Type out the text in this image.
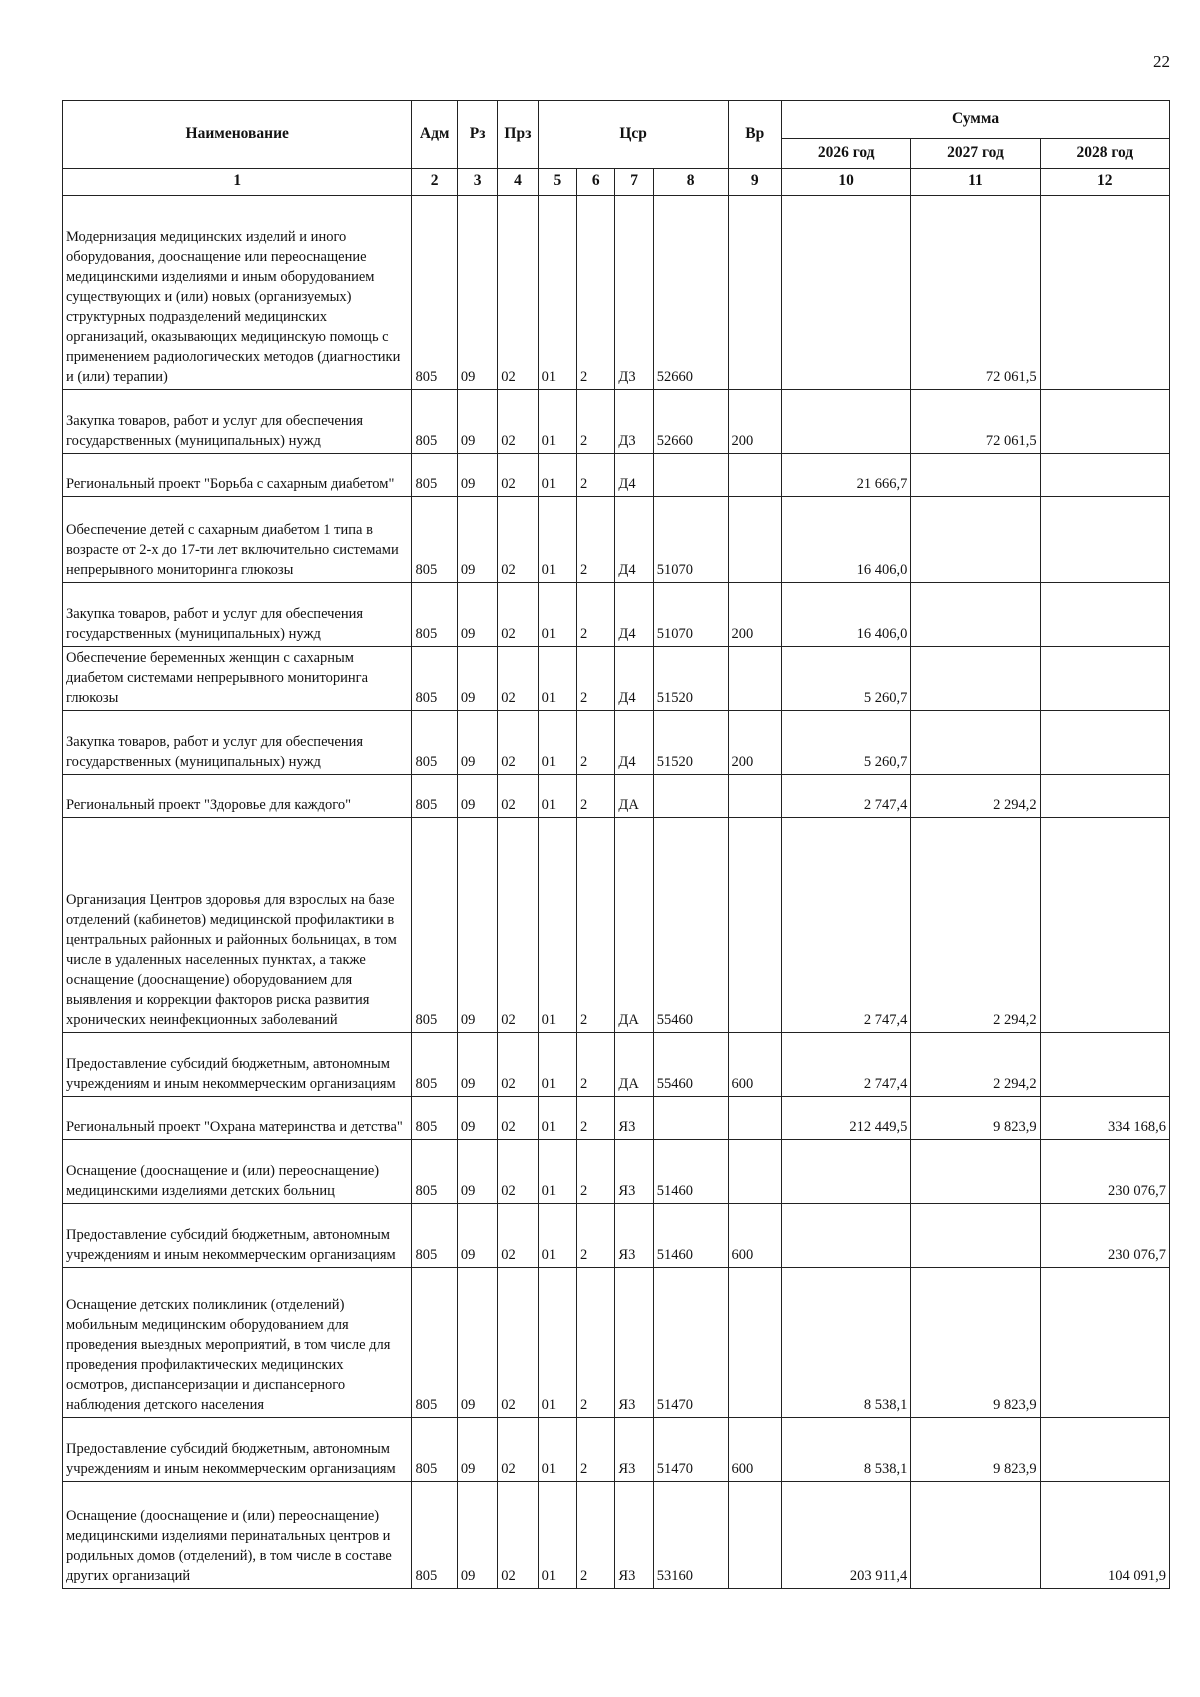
22
Наименование	Адм	Рз	Прз	Цср				Вр	Сумма		
									2026 год	2027 год	2028 год
1	2	3	4	5	6	7	8	9	10	11	12
Модернизация медицинских изделий и иного оборудования, дооснащение или переоснащение медицинскими изделиями и иным оборудованием существующих и (или) новых (организуемых) структурных подразделений медицинских организаций, оказывающих медицинскую помощь с применением радиологических методов (диагностики и (или) терапии)	805	09	02	01	2	Д3	52660			72 061,5	
Закупка товаров, работ и услуг для обеспечения государственных (муниципальных) нужд	805	09	02	01	2	Д3	52660	200		72 061,5	
Региональный проект "Борьба с сахарным диабетом"	805	09	02	01	2	Д4			21 666,7		
Обеспечение детей с сахарным диабетом 1 типа в возрасте от 2-х до 17-ти лет включительно системами непрерывного мониторинга глюкозы	805	09	02	01	2	Д4	51070		16 406,0		
Закупка товаров, работ и услуг для обеспечения государственных (муниципальных) нужд	805	09	02	01	2	Д4	51070	200	16 406,0		
Обеспечение беременных женщин с сахарным диабетом системами непрерывного мониторинга глюкозы	805	09	02	01	2	Д4	51520		5 260,7		
Закупка товаров, работ и услуг для обеспечения государственных (муниципальных) нужд	805	09	02	01	2	Д4	51520	200	5 260,7		
Региональный проект "Здоровье для каждого"	805	09	02	01	2	ДА			2 747,4	2 294,2	
Организация Центров здоровья для взрослых на базе отделений (кабинетов) медицинской профилактики в центральных районных и районных больницах, в том числе в удаленных населенных пунктах, а также оснащение (дооснащение) оборудованием для выявления и коррекции факторов риска развития хронических неинфекционных заболеваний	805	09	02	01	2	ДА	55460		2 747,4	2 294,2	
Предоставление субсидий бюджетным, автономным учреждениям и иным некоммерческим организациям	805	09	02	01	2	ДА	55460	600	2 747,4	2 294,2	
Региональный проект "Охрана материнства и детства"	805	09	02	01	2	Я3			212 449,5	9 823,9	334 168,6
Оснащение (дооснащение и (или) переоснащение) медицинскими изделиями детских больниц	805	09	02	01	2	Я3	51460				230 076,7
Предоставление субсидий бюджетным, автономным учреждениям и иным некоммерческим организациям	805	09	02	01	2	Я3	51460	600			230 076,7
Оснащение детских поликлиник (отделений) мобильным медицинским оборудованием для проведения выездных мероприятий, в том числе для проведения профилактических медицинских осмотров, диспансеризации и диспансерного наблюдения детского населения	805	09	02	01	2	Я3	51470		8 538,1	9 823,9	
Предоставление субсидий бюджетным, автономным учреждениям и иным некоммерческим организациям	805	09	02	01	2	Я3	51470	600	8 538,1	9 823,9	
Оснащение (дооснащение и (или) переоснащение) медицинскими изделиями перинатальных центров и родильных домов (отделений), в том числе в составе других организаций	805	09	02	01	2	Я3	53160		203 911,4		104 091,9
